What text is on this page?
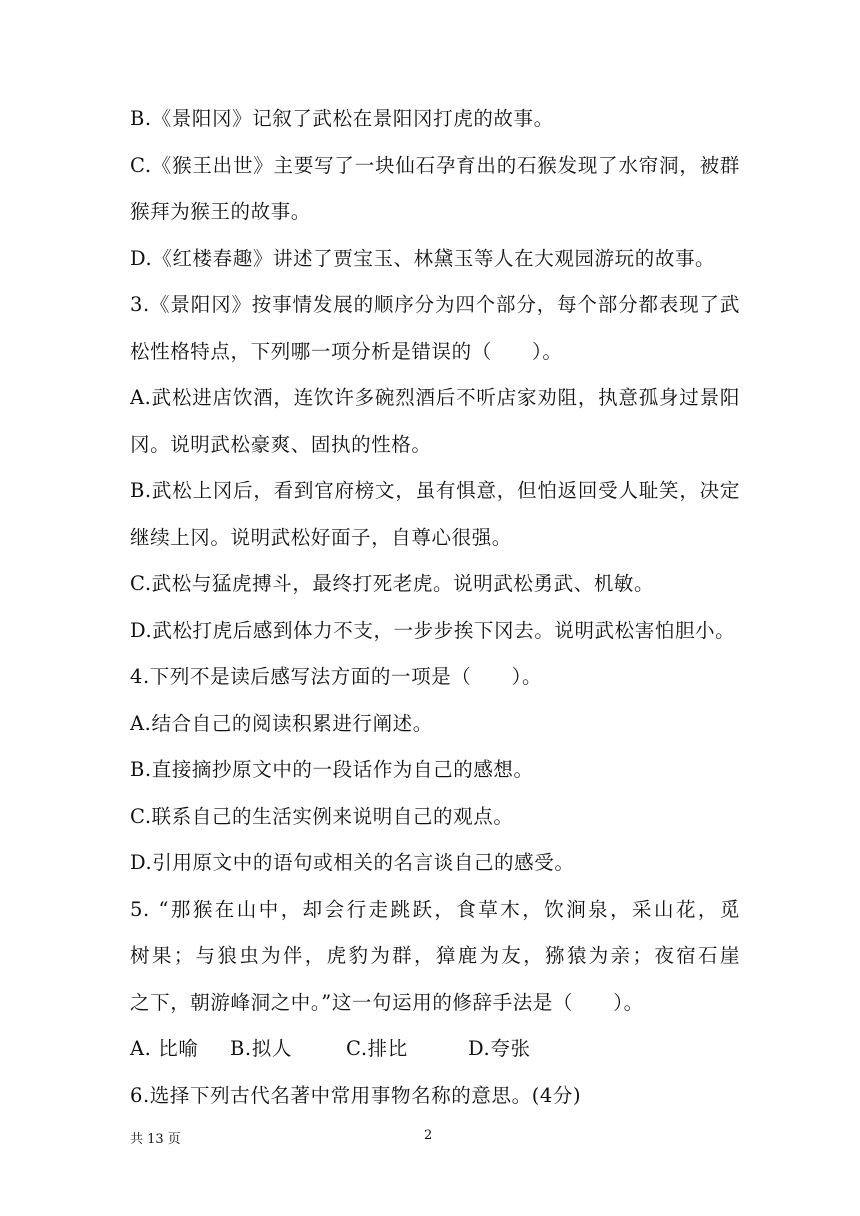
B.《景阳冈》记叙了武松在景阳冈打虎的故事。
C.《猴王出世》主要写了一块仙石孕育出的石猴发现了水帘洞，被群
猴拜为猴王的故事。
D.《红楼春趣》讲述了贾宝玉、林黛玉等人在大观园游玩的故事。
3.《景阳冈》按事情发展的顺序分为四个部分，每个部分都表现了武
松性格特点，下列哪一项分析是错误的（　　）。
A.武松进店饮酒，连饮许多碗烈酒后不听店家劝阻，执意孤身过景阳
冈。说明武松豪爽、固执的性格。
B.武松上冈后，看到官府榜文，虽有惧意，但怕返回受人耻笑，决定
继续上冈。说明武松好面子，自尊心很强。
C.武松与猛虎搏斗，最终打死老虎。说明武松勇武、机敏。
D.武松打虎后感到体力不支，一步步挨下冈去。说明武松害怕胆小。
4.下列不是读后感写法方面的一项是（　　）。
A.结合自己的阅读积累进行阐述。
B.直接摘抄原文中的一段话作为自己的感想。
C.联系自己的生活实例来说明自己的观点。
D.引用原文中的语句或相关的名言谈自己的感受。
5. “那猴在山中，却会行走跳跃，食草木，饮涧泉，采山花，觅
树果；与狼虫为伴，虎豹为群，獐鹿为友，猕猿为亲；夜宿石崖
之下，朝游峰洞之中。”这一句运用的修辞手法是（　　）。
A. 比喻 B.拟人	C.排比	D.夸张
6.选择下列古代名著中常用事物名称的意思。(4分)
共 13 页	2
